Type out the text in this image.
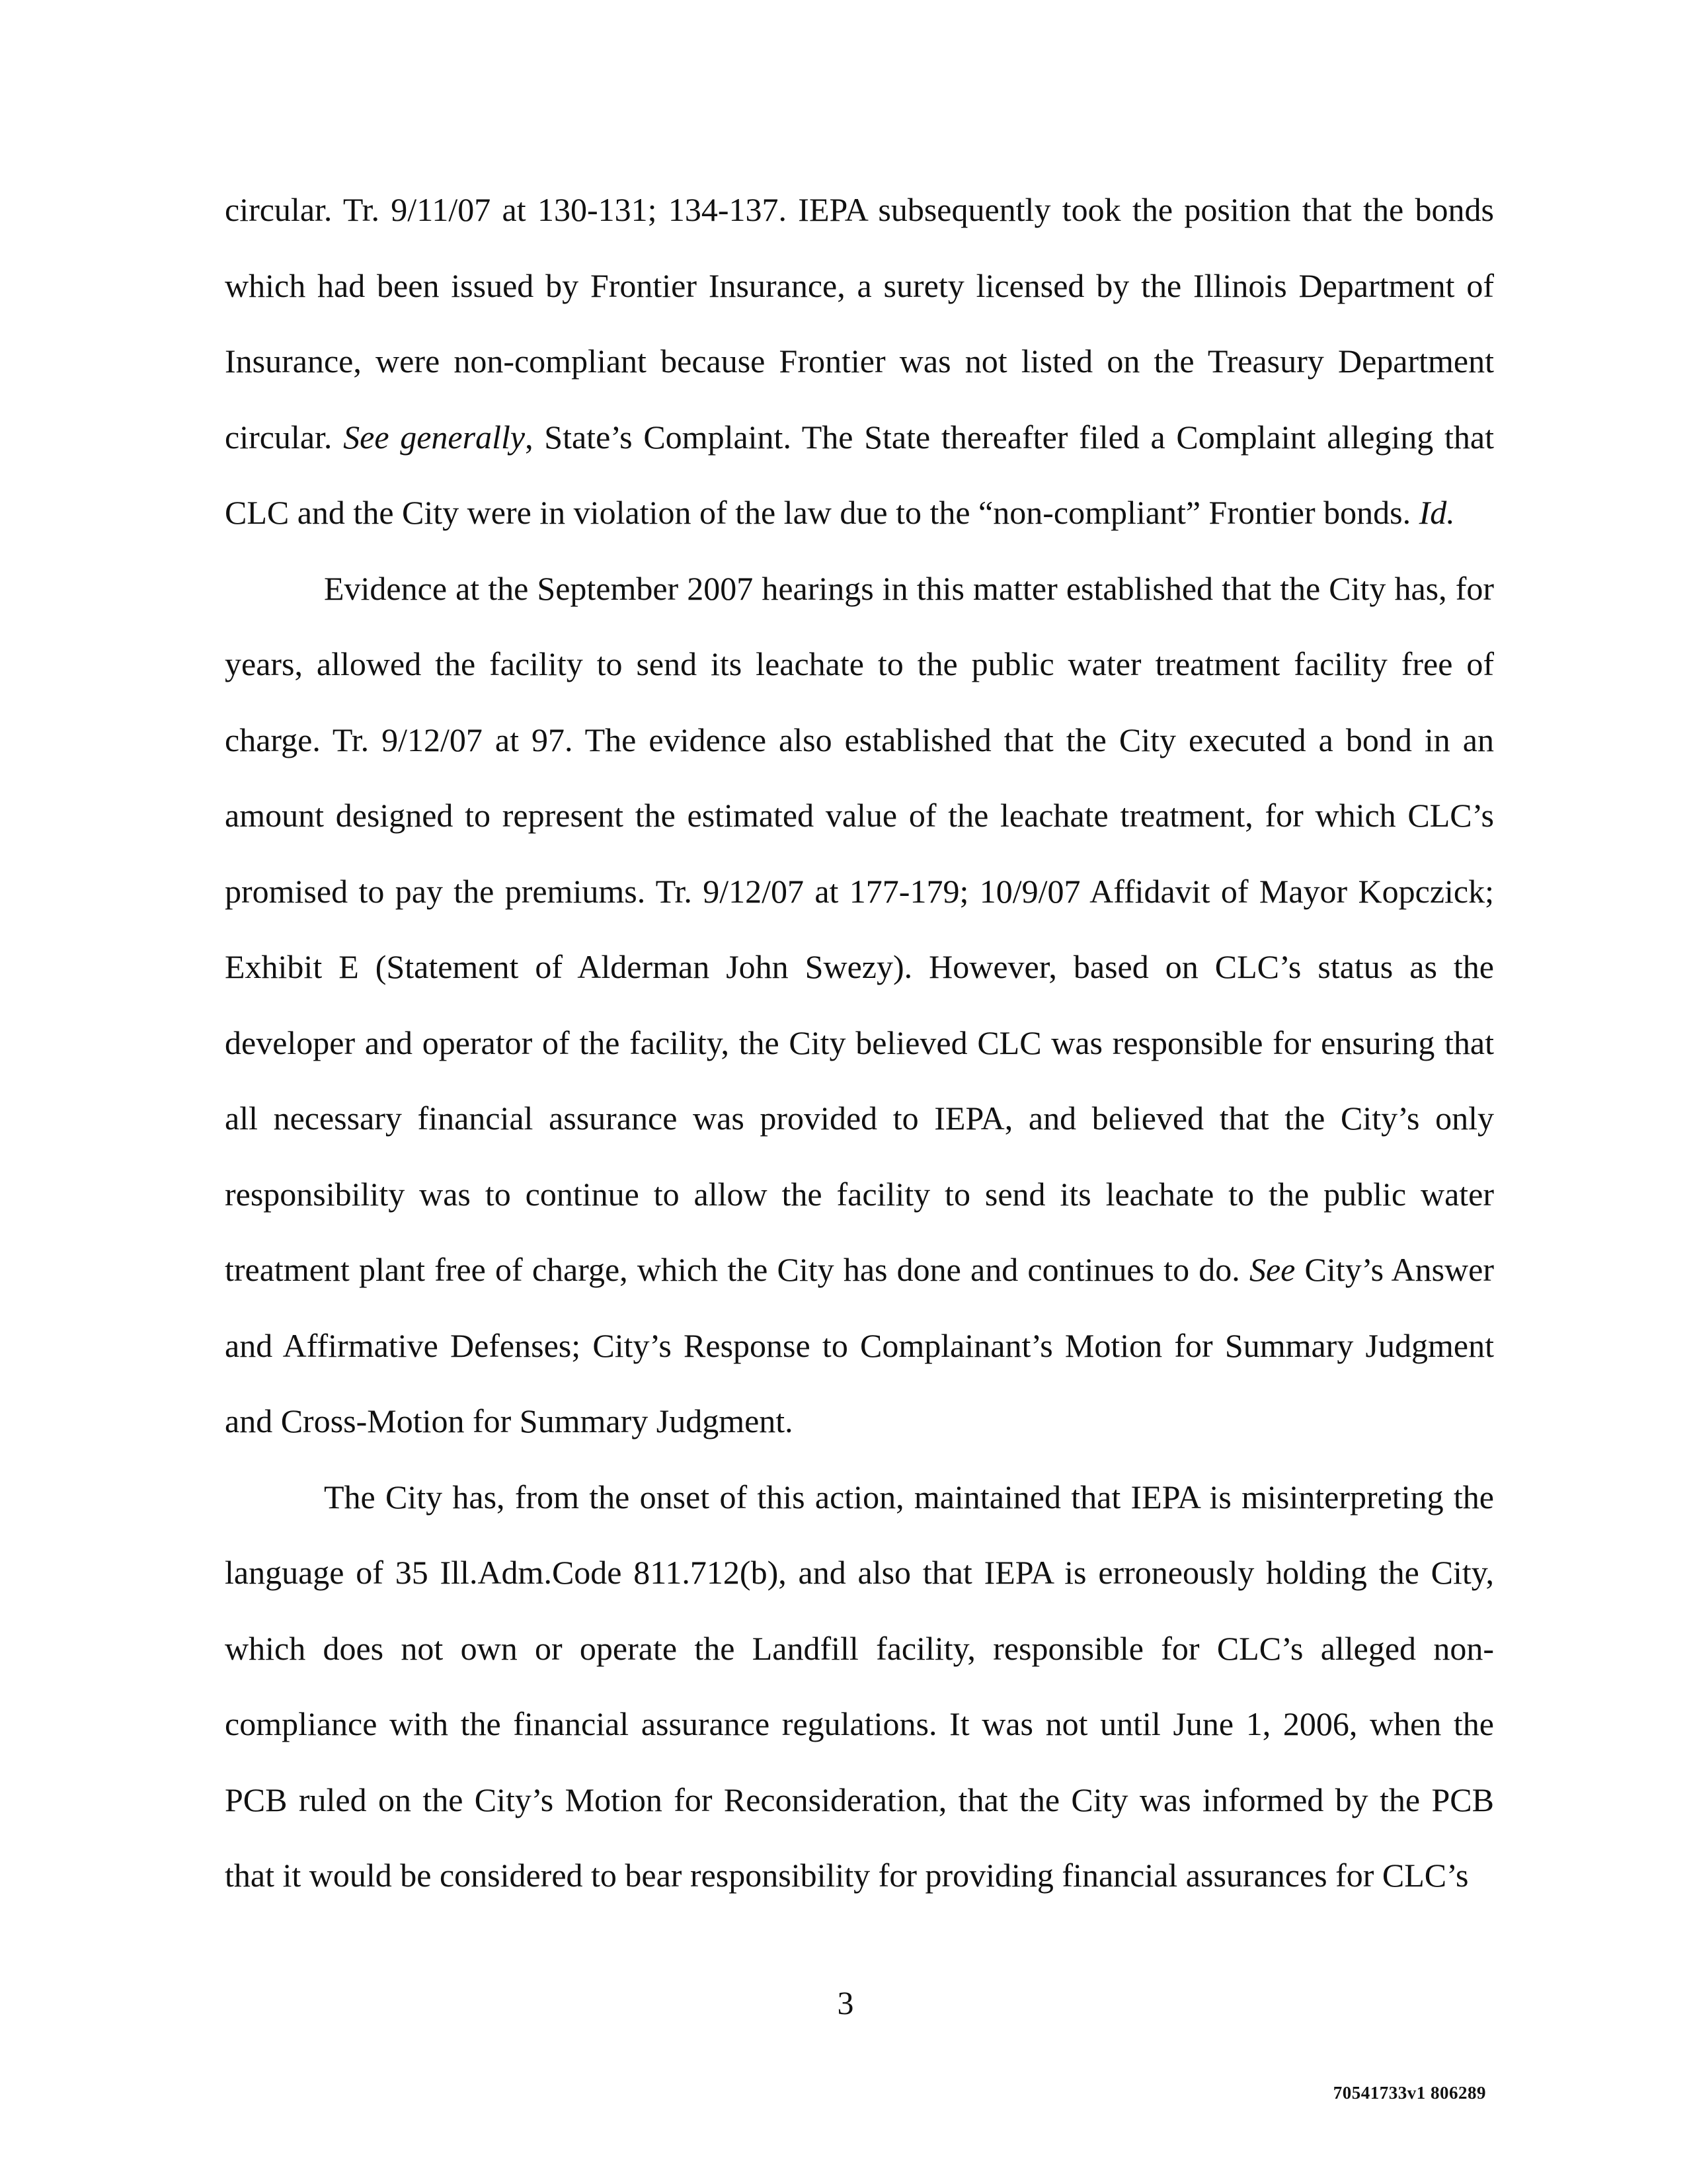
circular. Tr. 9/11/07 at 130-131; 134-137. IEPA subsequently took the position that the bonds which had been issued by Frontier Insurance, a surety licensed by the Illinois Department of Insurance, were non-compliant because Frontier was not listed on the Treasury Department circular. See generally, State’s Complaint. The State thereafter filed a Complaint alleging that CLC and the City were in violation of the law due to the “non-compliant” Frontier bonds. Id.

Evidence at the September 2007 hearings in this matter established that the City has, for years, allowed the facility to send its leachate to the public water treatment facility free of charge. Tr. 9/12/07 at 97. The evidence also established that the City executed a bond in an amount designed to represent the estimated value of the leachate treatment, for which CLC’s promised to pay the premiums. Tr. 9/12/07 at 177-179; 10/9/07 Affidavit of Mayor Kopczick; Exhibit E (Statement of Alderman John Swezy). However, based on CLC’s status as the developer and operator of the facility, the City believed CLC was responsible for ensuring that all necessary financial assurance was provided to IEPA, and believed that the City’s only responsibility was to continue to allow the facility to send its leachate to the public water treatment plant free of charge, which the City has done and continues to do. See City’s Answer and Affirmative Defenses; City’s Response to Complainant’s Motion for Summary Judgment and Cross-Motion for Summary Judgment.

The City has, from the onset of this action, maintained that IEPA is misinterpreting the language of 35 Ill.Adm.Code 811.712(b), and also that IEPA is erroneously holding the City, which does not own or operate the Landfill facility, responsible for CLC’s alleged non-compliance with the financial assurance regulations. It was not until June 1, 2006, when the PCB ruled on the City’s Motion for Reconsideration, that the City was informed by the PCB that it would be considered to bear responsibility for providing financial assurances for CLC’s

3
70541733v1 806289
